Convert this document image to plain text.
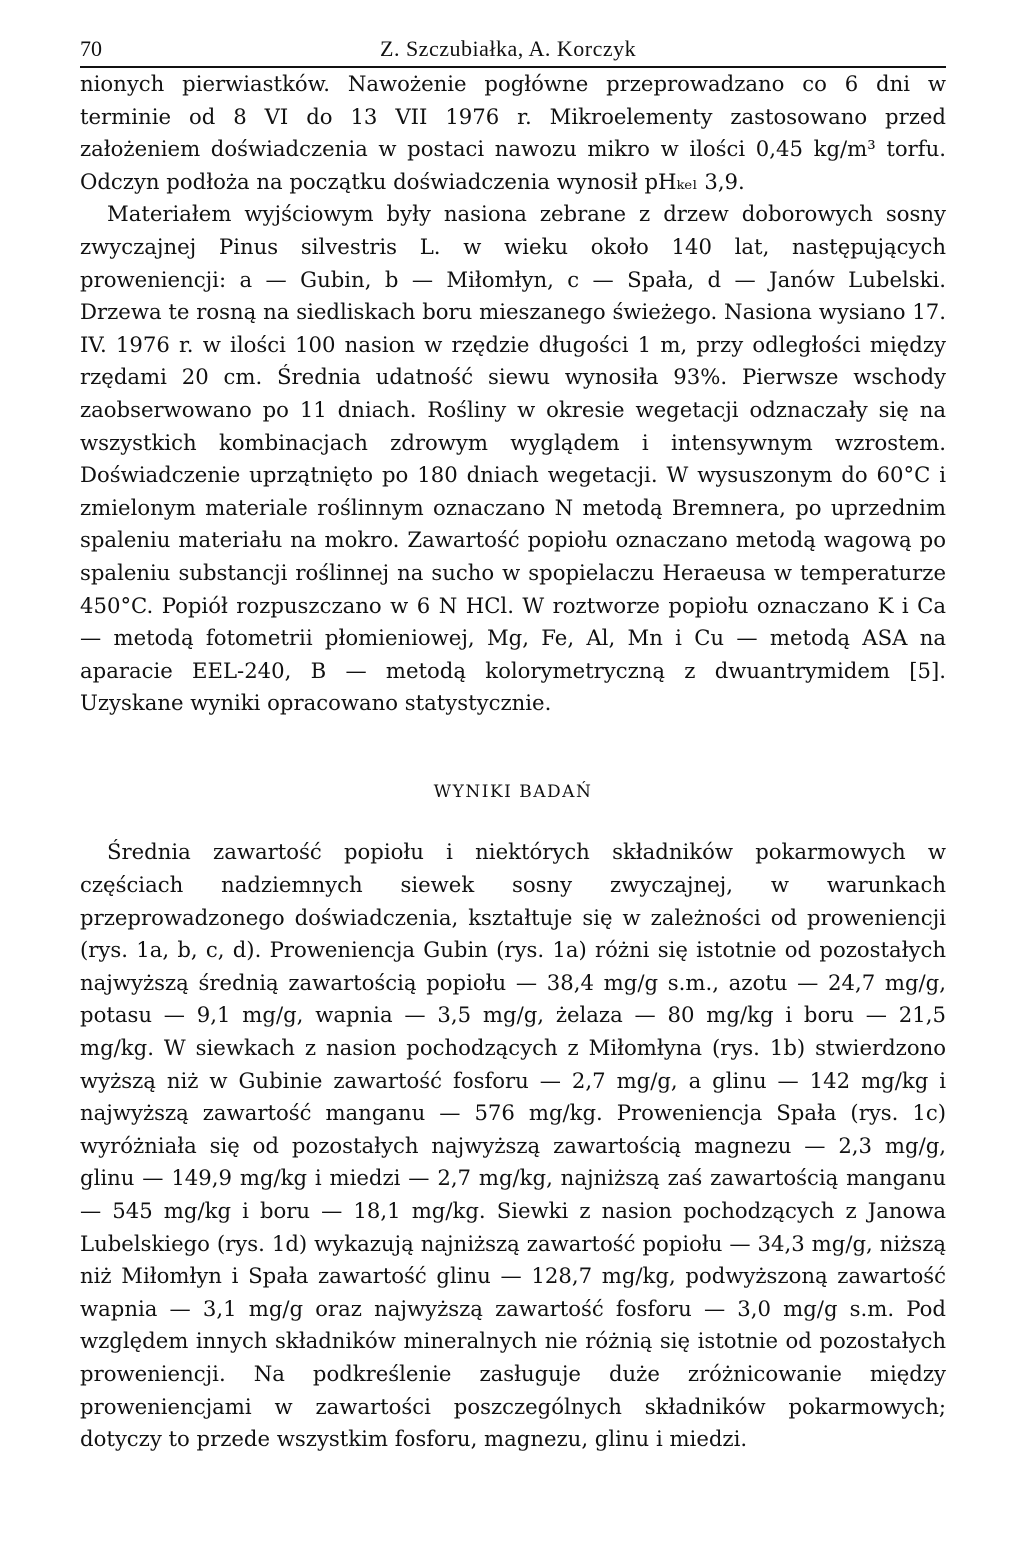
70	Z. Szczubiałka, A. Korczyk

nionych pierwiastków. Nawożenie pogłówne przeprowadzano co 6 dni w terminie od 8 VI do 13 VII 1976 r. Mikroelementy zastosowano przed założeniem doświadczenia w postaci nawozu mikro w ilości 0,45 kg/m³ torfu. Odczyn podłoża na początku doświadczenia wynosił pHₖₑₗ 3,9.

Materiałem wyjściowym były nasiona zebrane z drzew doborowych sosny zwyczajnej Pinus silvestris L. w wieku około 140 lat, następujących proweniencji: a — Gubin, b — Miłomłyn, c — Spała, d — Janów Lubelski. Drzewa te rosną na siedliskach boru mieszanego świeżego. Nasiona wysiano 17. IV. 1976 r. w ilości 100 nasion w rzędzie długości 1 m, przy odległości między rzędami 20 cm. Średnia udatność siewu wynosiła 93%. Pierwsze wschody zaobserwowano po 11 dniach. Rośliny w okresie wegetacji odznaczały się na wszystkich kombinacjach zdrowym wyglądem i intensywnym wzrostem. Doświadczenie uprzątnięto po 180 dniach wegetacji. W wysuszonym do 60°C i zmielonym materiale roślinnym oznaczano N metodą Bremnera, po uprzednim spaleniu materiału na mokro. Zawartość popiołu oznaczano metodą wagową po spaleniu substancji roślinnej na sucho w spopielaczu Heraeusa w temperaturze 450°C. Popiół rozpuszczano w 6 N HCl. W roztworze popiołu oznaczano K i Ca — metodą fotometrii płomieniowej, Mg, Fe, Al, Mn i Cu — metodą ASA na aparacie EEL-240, B — metodą kolorymetryczną z dwuantrymidem [5]. Uzyskane wyniki opracowano statystycznie.

WYNIKI BADAŃ

Średnia zawartość popiołu i niektórych składników pokarmowych w częściach nadziemnych siewek sosny zwyczajnej, w warunkach przeprowadzonego doświadczenia, kształtuje się w zależności od proweniencji (rys. 1a, b, c, d). Proweniencja Gubin (rys. 1a) różni się istotnie od pozostałych najwyższą średnią zawartością popiołu — 38,4 mg/g s.m., azotu — 24,7 mg/g, potasu — 9,1 mg/g, wapnia — 3,5 mg/g, żelaza — 80 mg/kg i boru — 21,5 mg/kg. W siewkach z nasion pochodzących z Miłomłyna (rys. 1b) stwierdzono wyższą niż w Gubinie zawartość fosforu — 2,7 mg/g, a glinu — 142 mg/kg i najwyższą zawartość manganu — 576 mg/kg. Proweniencja Spała (rys. 1c) wyróżniała się od pozostałych najwyższą zawartością magnezu — 2,3 mg/g, glinu — 149,9 mg/kg i miedzi — 2,7 mg/kg, najniższą zaś zawartością manganu — 545 mg/kg i boru — 18,1 mg/kg. Siewki z nasion pochodzących z Janowa Lubelskiego (rys. 1d) wykazują najniższą zawartość popiołu — 34,3 mg/g, niższą niż Miłomłyn i Spała zawartość glinu — 128,7 mg/kg, podwyższoną zawartość wapnia — 3,1 mg/g oraz najwyższą zawartość fosforu — 3,0 mg/g s.m. Pod względem innych składników mineralnych nie różnią się istotnie od pozostałych proweniencji. Na podkreślenie zasługuje duże zróżnicowanie między proweniencjami w zawartości poszczególnych składników pokarmowych; dotyczy to przede wszystkim fosforu, magnezu, glinu i miedzi.
